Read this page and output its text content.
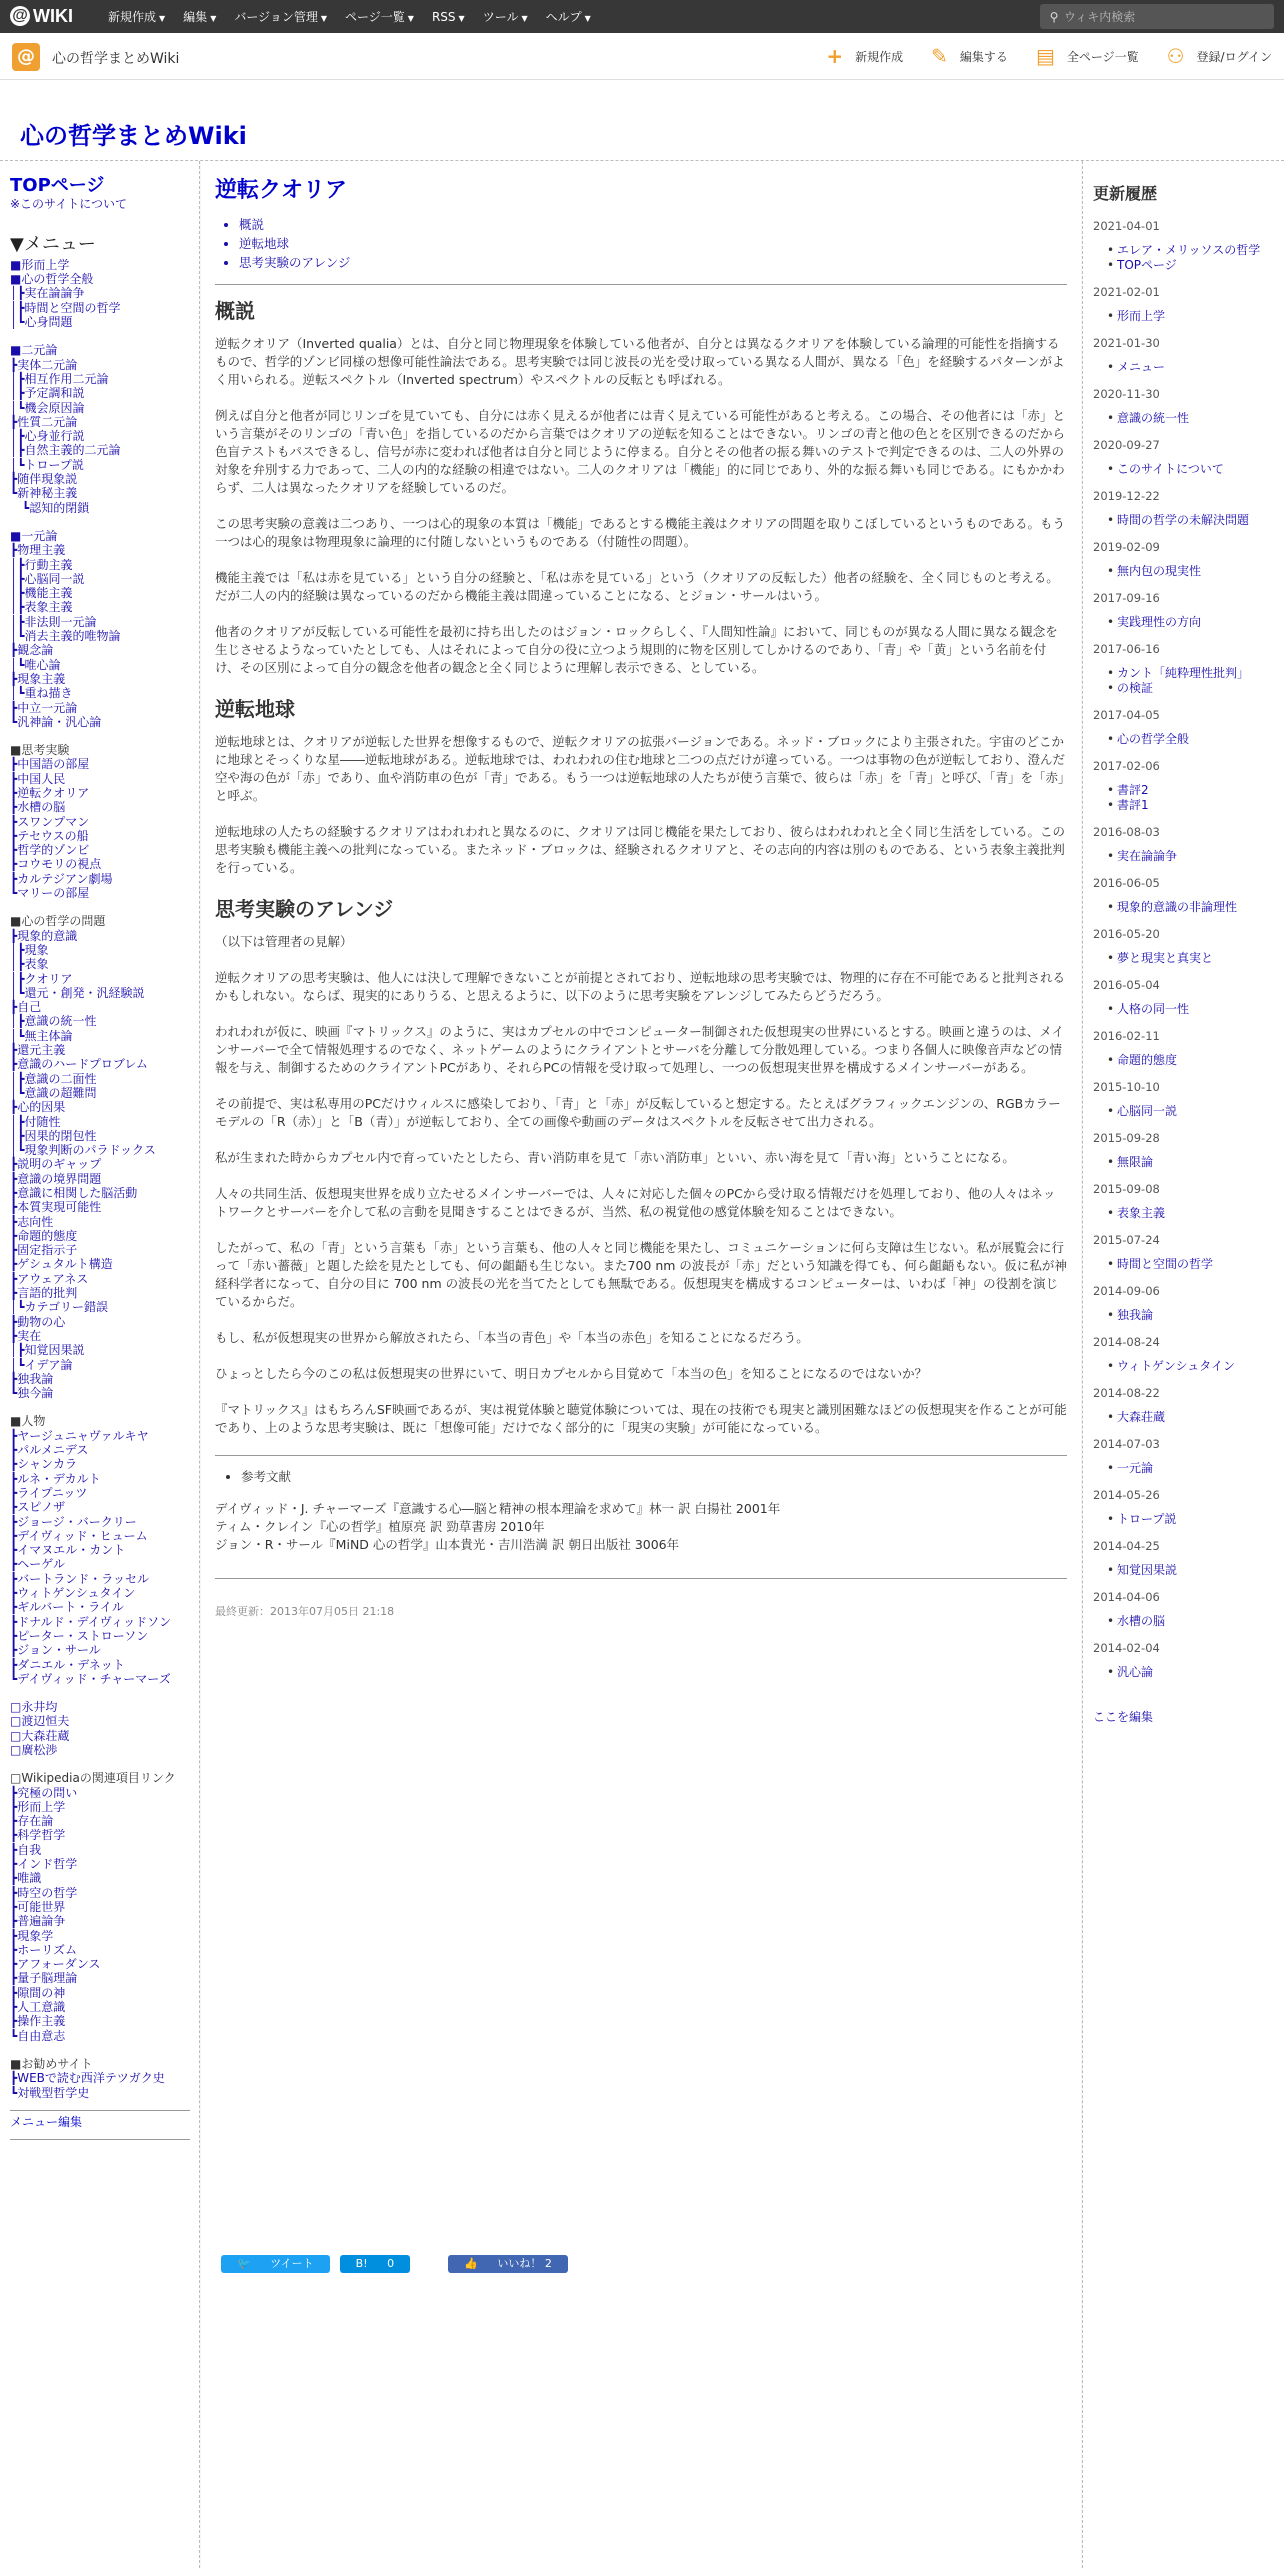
@ WIKI	新規作成 ▼ 編集 ▼ バージョン管理 ▼ ページ一覧 ▼ RSS ▼ ツール ▼ ヘルプ ▼	⚲ ウィキ内検索
@	心の哲学まとめWiki	+ 新規作成 ✎ 編集する ▤ 全ページ一覧 ⚇ 登録/ログイン
心の哲学まとめWiki
TOPページ
※このサイトについて
▼メニュー
■形而上学
■心の哲学全般
│┣実在論論争
│┣時間と空間の哲学
│┗心身問題
■二元論
┣実体二元論
│┣相互作用二元論
│┣予定調和説
│┗機会原因論
┣性質二元論
│┣心身並行説
│┣自然主義的二元論
│┗トロープ説
┣随伴現象説
┗新神秘主義
　┗認知的閉鎖
■一元論
┣物理主義
│┣行動主義
│┣心脳同一説
│┣機能主義
│┣表象主義
│┣非法則一元論
│┗消去主義的唯物論
┣観念論
│┗唯心論
┣現象主義
│┗重ね描き
┣中立一元論
┗汎神論・汎心論
■思考実験
┣中国語の部屋
┣中国人民
┣逆転クオリア
┣水槽の脳
┣スワンプマン
┣テセウスの船
┣哲学的ゾンビ
┣コウモリの視点
┣カルテジアン劇場
┗マリーの部屋
■心の哲学の問題
┣現象的意識
│┣現象
│┣表象
│┣クオリア
│┗還元・創発・汎経験説
┣自己
│┣意識の統一性
│┗無主体論
┣還元主義
┣意識のハードプロブレム
│┣意識の二面性
│┗意識の超難問
┣心的因果
│┣付随性
│┣因果的閉包性
│┗現象判断のパラドックス
┣説明のギャップ
┣意識の境界問題
┣意識に相関した脳活動
┣本質実現可能性
┣志向性
┣命題的態度
┣固定指示子
┣ゲシュタルト構造
┣アウェアネス
┣言語的批判
│┗カテゴリー錯誤
┣動物の心
┣実在
│┣知覚因果説
│┗イデア論
┣独我論
┗独今論
■人物
┣ヤージュニャヴァルキヤ
┣パルメニデス
┣シャンカラ
┣ルネ・デカルト
┣ライプニッツ
┣スピノザ
┣ジョージ・バークリー
┣デイヴィッド・ヒューム
┣イマヌエル・カント
┣ヘーゲル
┣バートランド・ラッセル
┣ウィトゲンシュタイン
┣ギルバート・ライル
┣ドナルド・デイヴィッドソン
┣ピーター・ストローソン
┣ジョン・サール
┣ダニエル・デネット
┗デイヴィッド・チャーマーズ
□永井均
□渡辺恒夫
□大森荘蔵
□廣松渉
□Wikipediaの関連項目リンク
┣究極の問い
┣形而上学
┣存在論
┣科学哲学
┣自我
┣インド哲学
┣唯識
┣時空の哲学
┣可能世界
┣普遍論争
┣現象学
┣ホーリズム
┣アフォーダンス
┣量子脳理論
┣隙間の神
┣人工意識
┣操作主義
┗自由意志
■お勧めサイト
┣WEBで読む西洋テツガク史
┗対戦型哲学史
メニュー編集
逆転クオリア
• 概説
• 逆転地球
• 思考実験のアレンジ
概説

逆転クオリア（Inverted qualia）とは、自分と同じ物理現象を体験している他者が、自分とは異なるクオリアを体験している論理的可能性を指摘するもので、哲学的ゾンビ同様の想像可能性論法である。思考実験では同じ波長の光を受け取っている異なる人間が、異なる「色」を経験するパターンがよく用いられる。逆転スペクトル（Inverted spectrum）やスペクトルの反転とも呼ばれる。

例えば自分と他者が同じリンゴを見ていても、自分には赤く見えるが他者には青く見えている可能性があると考える。この場合、その他者には「赤」という言葉がそのリンゴの「青い色」を指しているのだから言葉ではクオリアの逆転を知ることはできない。リンゴの青と他の色とを区別できるのだから色盲テストもパスできるし、信号が赤に変われば他者は自分と同じように停まる。自分とその他者の振る舞いのテストで判定できるのは、二人の外界の対象を弁別する力であって、二人の内的な経験の相違ではない。二人のクオリアは「機能」的に同じであり、外的な振る舞いも同じである。にもかかわらず、二人は異なったクオリアを経験しているのだ。

この思考実験の意義は二つあり、一つは心的現象の本質は「機能」であるとする機能主義はクオリアの問題を取りこぼしているというものである。もう一つは心的現象は物理現象に論理的に付随しないというものである（付随性の問題）。

機能主義では「私は赤を見ている」という自分の経験と、「私は赤を見ている」という（クオリアの反転した）他者の経験を、全く同じものと考える。だが二人の内的経験は異なっているのだから機能主義は間違っていることになる、とジョン・サールはいう。

他者のクオリアが反転している可能性を最初に持ち出したのはジョン・ロックらしく、『人間知性論』において、同じものが異なる人間に異なる観念を生じさせるようなっていたとしても、人はそれによって自分の役に立つよう規則的に物を区別してしかけるのであり、「青」や「黄」という名前を付け、その区別によって自分の観念を他者の観念と全く同じように理解し表示できる、としている。

逆転地球

逆転地球とは、クオリアが逆転した世界を想像するもので、逆転クオリアの拡張バージョンである。ネッド・ブロックにより主張された。宇宙のどこかに地球とそっくりな星――逆転地球がある。逆転地球では、われわれの住む地球と二つの点だけが違っている。一つは事物の色が逆転しており、澄んだ空や海の色が「赤」であり、血や消防車の色が「青」である。もう一つは逆転地球の人たちが使う言葉で、彼らは「赤」を「青」と呼び、「青」を「赤」と呼ぶ。

逆転地球の人たちの経験するクオリアはわれわれと異なるのに、クオリアは同じ機能を果たしており、彼らはわれわれと全く同じ生活をしている。この思考実験も機能主義への批判になっている。またネッド・ブロックは、経験されるクオリアと、その志向的内容は別のものである、という表象主義批判を行っている。

思考実験のアレンジ

（以下は管理者の見解）

逆転クオリアの思考実験は、他人には決して理解できないことが前提とされており、逆転地球の思考実験では、物理的に存在不可能であると批判されるかもしれない。ならば、現実的にありうる、と思えるように、以下のように思考実験をアレンジしてみたらどうだろう。

われわれが仮に、映画『マトリックス』のように、実はカプセルの中でコンピューター制御された仮想現実の世界にいるとする。映画と違うのは、メインサーバーで全て情報処理するのでなく、ネットゲームのようにクライアントとサーバを分離して分散処理している。つまり各個人に映像音声などの情報を与え、制御するためのクライアントPCがあり、それらPCの情報を受け取って処理し、一つの仮想現実世界を構成するメインサーバーがある。

その前提で、実は私専用のPCだけウィルスに感染しており、「青」と「赤」が反転していると想定する。たとえばグラフィックエンジンの、RGBカラーモデルの「R（赤）」と「B（青）」が逆転しており、全ての画像や動画のデータはスペクトルを反転させて出力される。

私が生まれた時からカプセル内で育っていたとしたら、青い消防車を見て「赤い消防車」といい、赤い海を見て「青い海」ということになる。

人々の共同生活、仮想現実世界を成り立たせるメインサーバーでは、人々に対応した個々のPCから受け取る情報だけを処理しており、他の人々はネットワークとサーバーを介して私の言動を見聞きすることはできるが、当然、私の視覚他の感覚体験を知ることはできない。

したがって、私の「青」という言葉も「赤」という言葉も、他の人々と同じ機能を果たし、コミュニケーションに何ら支障は生じない。私が展覧会に行って「赤い薔薇」と題した絵を見たとしても、何の齟齬も生じない。また700 nm の波長が「赤」だという知識を得ても、何ら齟齬もない。仮に私が神経科学者になって、自分の目に 700 nm の波長の光を当てたとしても無駄である。仮想現実を構成するコンピューターは、いわば「神」の役割を演じているからだ。

もし、私が仮想現実の世界から解放されたら、「本当の青色」や「本当の赤色」を知ることになるだろう。

ひょっとしたら今のこの私は仮想現実の世界にいて、明日カプセルから目覚めて「本当の色」を知ることになるのではないか？

『マトリックス』はもちろんSF映画であるが、実は視覚体験と聴覚体験については、現在の技術でも現実と識別困難なほどの仮想現実を作ることが可能であり、上のような思考実験は、既に「想像可能」だけでなく部分的に「現実の実験」が可能になっている。

• 参考文献
デイヴィッド・J. チャーマーズ『意識する心―脳と精神の根本理論を求めて』林一 訳 白揚社 2001年
ティム・クレイン『心の哲学』植原亮 訳 勁草書房 2010年
ジョン・R・サール『MiND 心の哲学』山本貴光・吉川浩満 訳 朝日出版社 3006年
最終更新：2013年07月05日 21:18
🐦 ツイート	B! 0	👍 いいね！ 2
更新履歴
2021-04-01
• エレア・メリッソスの哲学
• TOPページ
2021-02-01
• 形而上学
2021-01-30
• メニュー
2020-11-30
• 意識の統一性
2020-09-27
• このサイトについて
2019-12-22
• 時間の哲学の未解決問題
2019-02-09
• 無内包の現実性
2017-09-16
• 実践理性の方向
2017-06-16
• カント「純粋理性批判」
• の検証
2017-04-05
• 心の哲学全般
2017-02-06
• 書評2
• 書評1
2016-08-03
• 実在論論争
2016-06-05
• 現象的意識の非論理性
2016-05-20
• 夢と現実と真実と
2016-05-04
• 人格の同一性
2016-02-11
• 命題的態度
2015-10-10
• 心脳同一説
2015-09-28
• 無限論
2015-09-08
• 表象主義
2015-07-24
• 時間と空間の哲学
2014-09-06
• 独我論
2014-08-24
• ウィトゲンシュタイン
2014-08-22
• 大森荘蔵
2014-07-03
• 一元論
2014-05-26
• トロープ説
2014-04-25
• 知覚因果説
2014-04-06
• 水槽の脳
2014-02-04
• 汎心論
ここを編集
